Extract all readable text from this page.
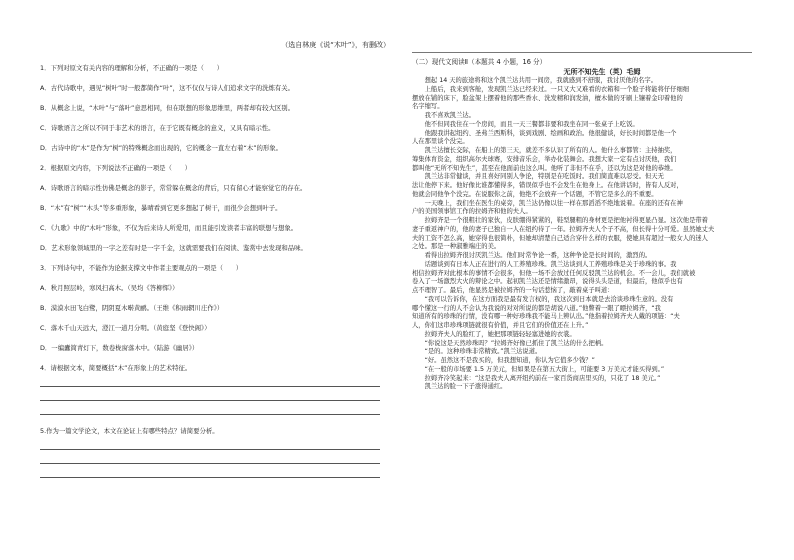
（选自林庚《说“木叶”》，有删改）

1．下列对原文有关内容的理解和分析，不正确的一项是（　　）

A．古代诗歌中，遇见“树叶”时一般都简作“叶”，这不仅仅与诗人们追求文字的洗炼有关。

B．从概念上说，“木叶”与“落叶”意思相同，但在联想的形象思维里，两者却有较大区别。

C．诗歌语言之所以不同于非艺术的语言，在于它既有概念的意义，又具有暗示性。

D．古诗中的“木”是作为“树”的特殊概念而出现的，它的概念一直左右着“木”的形象。

2．根据原文内容，下列说法不正确的一项是（　　）

A．诗歌语言的暗示性仿佛是概念的影子，常常躲在概念的背后，只有留心才能察觉它的存在。

B．“木”有“树”“木头”等多重形象，暴晴看到它更多想起了树干，而很少会想到叶子。

C．《九歌》中的“木叶”形象，不仅为后来诗人所爱用，而且能引发读者丰富的联想与想象。

D．艺术形象领域里的一字之差有时是一字千金，这就需要我们在阅读、鉴赏中去发现和品味。

3．下列诗句中，不能作为论据支撑文中作者主要观点的一项是（　　）

A．秋月照层岭，寒风扫高木。（吴均《答柳恽》）

B．漠漠水田飞白鹭，阴阴夏木啭黄鹂。（王维《积雨辋川庄作》）

C．落木千山天远大，澄江一道月分明。（黄庭坚《登快阁》）

D．一编蠹简青灯下，数卷栊窗落木中。（陆游《幽居》）

4．请根据文本，简要概括“木”在形象上的艺术特征。

5.作为一篇文学论文，本文在论证上有哪些特点？请简要分析。

（二）现代文阅读Ⅱ（本题共 4 小题，16 分）
无所不知先生（英）毛姆

　　想起 14 天的旅途将和这个凯兰达共用一间房，我就感到不舒服，我讨厌他的名字。

　　上船后，我来到客舱，发现凯兰达已经来过。一只又大又难看的衣箱和一个脸子将能将仔仔细细

摆放在铺的床下，脸盆架上摆着他的那些香水、洗发精和润发油，檀木做的牙刷上镶着金印着他的

名字缩写。

　　我不喜欢凯兰达。

　　他不但同我住在一个房间，而且一天三餐都非要和我坐在同一张桌子上吃饭。

　　他跟我讲起纽约、圣弗兰西斯科，谈到戏剧、绘画和政治。他很健谈，好长时间都是他一个

人在那里谈个没完。

　　凯兰达擅长交际，在船上的第三天，就差不多认识了所有的人。他什么事都管：主持抽奖，

筹集体育资金，组织高尔夫球赛，安排音乐会，举办化装舞会。我想大家一定有点讨厌他，我们

都叫他“无所不知先生”，甚至在他面前也这么叫。他听了非但不在乎，还以为这是对他的恭维。

　　凯兰达非常健谈，并且喜好同别人争论，特别是在吃饭时。我们简直难以忍受。但天无

法让他停下来。他好像比谁都懂得多，错误似乎也不会发生在他身上。在他讲话时，皆有人反对，

他就会同他争个没完。在说服你之前，他绝不会放弃一个话题，不管它是多么的不重要。

　　一天晚上，我们坐在医生的桌旁，凯兰达仍像以往一样在那滔滔不绝地说着。在座的还有在神

户的美国领事馆工作的拉姆齐和他的夫人。

　　拉姆齐是一个很粗壮的家伙，皮肤绷得紧紧的，鞋型腿粗的身材更是把他衬得更显凸显。这次他是带着

妻子重返神户的，他的妻子已独自一人在纽约待了一年。拉姆齐夫人个子不高，但长得十分可爱。虽然她丈夫

夫的工资不怎么高，她穿得也很简朴，但她却清楚自己适合穿什么样的衣服，使她具有超过一般女人的迷人

之处。那是一种淑雅端庄的美。

　　看得出拉姆齐很讨厌凯兰达。他们时常争论一番，这种争论是长时间的，激烈的。

　　话题谈到有日本人正在进行的人工养殖珍珠。凯兰达谈到人工养殖珍珠是关于珍珠的事。我

相信拉姆齐对此根本的事情不会很多，但他一场不会放过任何反驳凯兰达的机会。不一会儿，我们就被

卷入了一场激烈大火的辩论之中。起初凯兰达还是情绪激昂，说得头头是道，但最后，他似乎也有

点不理智了。最后，他显然是被拉姆齐的一句话惹恼了，敲着桌子叫道：

　　“我可以告诉你，在这方面我是最有发言权的，我这次到日本就是去洽谈珍珠生意的。没有

哪个懂这一行的人不会认为我说的对对所说的都是胡说八道。”他瞥着一眼了瞟拉姆齐，“我

知道所有的珍珠的行情，没有哪一种好珍珠我不能马上辨认出。”他指着拉姆齐夫人戴的项链：“夫

人，你们这串珍珠项链就很有价值，并且它们的价值还在上升。”

　　拉姆齐夫人的脸红了，她把那项链轻轻塞进她的衣裳。

　　“你说这是天然珍珠吗？”拉姆齐好像已抓住了凯兰达的什么把柄。

　　“是的。这种珍珠非常精致。”凯兰达说道。

　　“好。虽然这不是我买的，但我想知道，你认为它值多少钱？”

　　“在一般的市场要 1.5 万美元，但如果是在第五大街上，可能要 3 万美元才能买得到。”

　　拉姆齐冷笑起来：“这是我夫人离开纽约前在一家百货商店里买的，只花了 18 美元。”

　　凯兰达的脸一下子涨得通红。
